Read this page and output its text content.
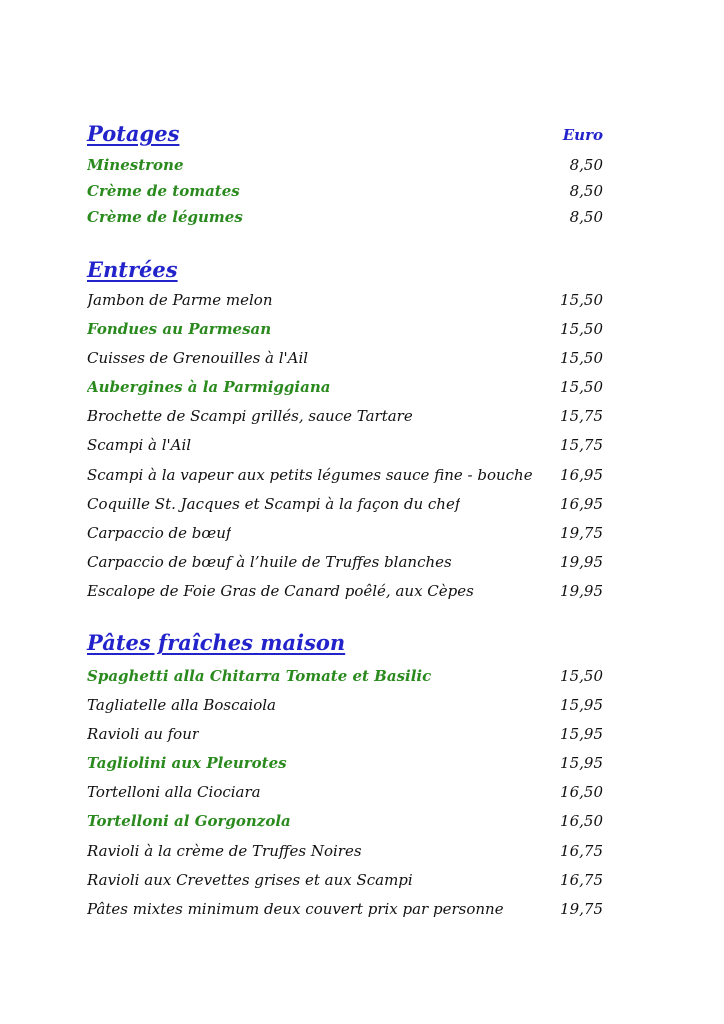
Potages	Euro
Minestrone	8,50
Crème de tomates	8,50
Crème de légumes	8,50
Entrées
Jambon de Parme melon	15,50
Fondues au Parmesan	15,50
Cuisses de Grenouilles à l'Ail	15,50
Aubergines à la Parmiggiana	15,50
Brochette de Scampi grillés, sauce Tartare	15,75
Scampi à l'Ail	15,75
Scampi à la vapeur aux petits légumes sauce fine - bouche 16,95
Coquille St. Jacques et Scampi à la façon du chef	16,95
Carpaccio de bœuf	19,75
Carpaccio de bœuf à l’huile de Truffes blanches	19,95
Escalope de Foie Gras de Canard poêlé, aux Cèpes	19,95
Pâtes fraîches maison
Spaghetti alla Chitarra Tomate et Basilic	15,50
Tagliatelle alla Boscaiola	15,95
Ravioli au four	15,95
Tagliolini aux Pleurotes	15,95
Tortelloni alla Ciociara	16,50
Tortelloni al Gorgonzola	16,50
Ravioli à la crème de Truffes Noires	16,75
Ravioli aux Crevettes grises et aux Scampi	16,75
Pâtes mixtes minimum deux couvert prix par personne	19,75
